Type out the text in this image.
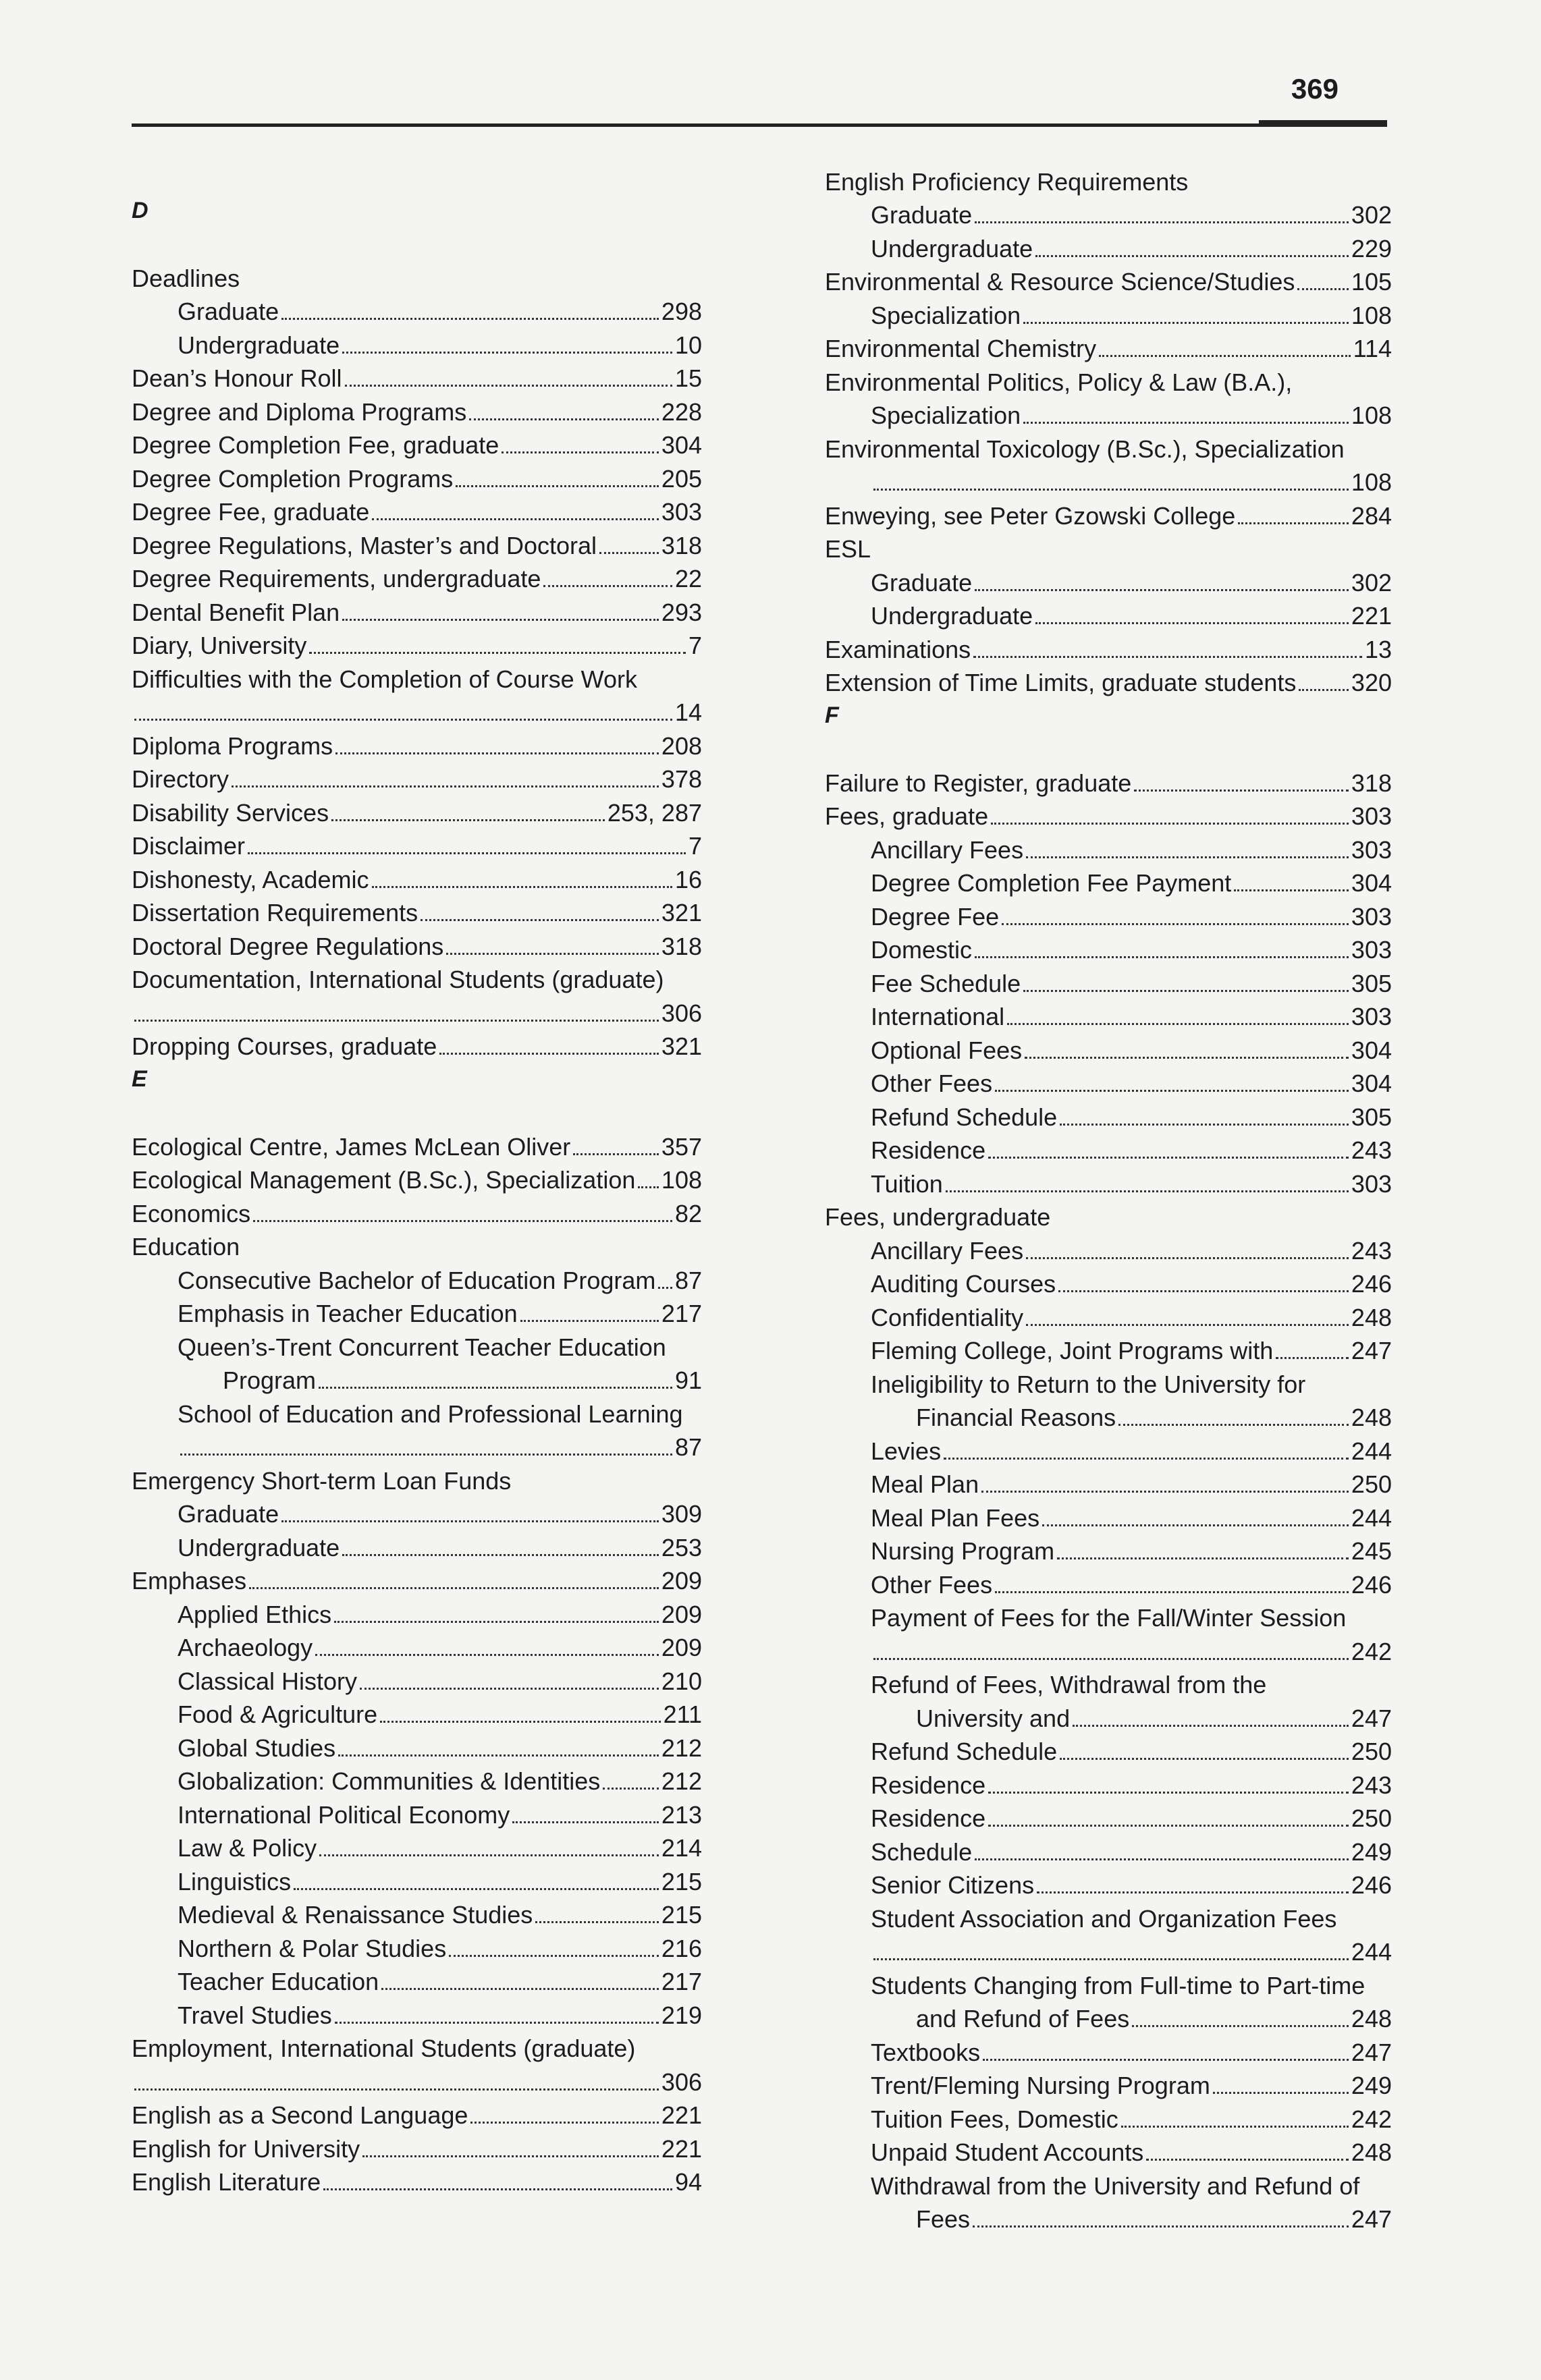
369
D
Deadlines
Graduate	298
Undergraduate	10
Dean’s Honour Roll	15
Degree and Diploma Programs	228
Degree Completion Fee, graduate	304
Degree Completion Programs	205
Degree Fee, graduate	303
Degree Regulations, Master’s and Doctoral	318
Degree Requirements, undergraduate	22
Dental Benefit Plan	293
Diary, University	7
Difficulties with the Completion of Course Work
14
Diploma Programs	208
Directory	378
Disability Services	253, 287
Disclaimer	7
Dishonesty, Academic	16
Dissertation Requirements	321
Doctoral Degree Regulations	318
Documentation, International Students (graduate)
306
Dropping Courses, graduate	321
E
Ecological Centre, James McLean Oliver	357
Ecological Management (B.Sc.), Specialization 108
Economics	82
Education
Consecutive Bachelor of Education Program 87
Emphasis in Teacher Education	217
Queen’s-Trent Concurrent Teacher Education
Program	91
School of Education and Professional Learning
87
Emergency Short-term Loan Funds
Graduate	309
Undergraduate	253
Emphases	209
Applied Ethics	209
Archaeology	209
Classical History	210
Food & Agriculture	211
Global Studies	212
Globalization: Communities & Identities	212
International Political Economy	213
Law & Policy	214
Linguistics	215
Medieval & Renaissance Studies	215
Northern & Polar Studies	216
Teacher Education	217
Travel Studies	219
Employment, International Students (graduate)
306
English as a Second Language	221
English for University	221
English Literature	94
English Proficiency Requirements
Graduate	302
Undergraduate	229
Environmental & Resource Science/Studies 105
Specialization	108
Environmental Chemistry	114
Environmental Politics, Policy & Law (B.A.),
Specialization	108
Environmental Toxicology (B.Sc.), Specialization
108
Enweying, see Peter Gzowski College	284
ESL
Graduate	302
Undergraduate	221
Examinations	13
Extension of Time Limits, graduate students 320
F
Failure to Register, graduate	318
Fees, graduate	303
Ancillary Fees	303
Degree Completion Fee Payment	304
Degree Fee	303
Domestic	303
Fee Schedule	305
International	303
Optional Fees	304
Other Fees	304
Refund Schedule	305
Residence	243
Tuition	303
Fees, undergraduate
Ancillary Fees	243
Auditing Courses	246
Confidentiality	248
Fleming College, Joint Programs with	247
Ineligibility to Return to the University for
Financial Reasons	248
Levies	244
Meal Plan	250
Meal Plan Fees	244
Nursing Program	245
Other Fees	246
Payment of Fees for the Fall/Winter Session
242
Refund of Fees, Withdrawal from the
University and	247
Refund Schedule	250
Residence	243
Residence	250
Schedule	249
Senior Citizens	246
Student Association and Organization Fees
244
Students Changing from Full-time to Part-time
and Refund of Fees	248
Textbooks	247
Trent/Fleming Nursing Program	249
Tuition Fees, Domestic	242
Unpaid Student Accounts	248
Withdrawal from the University and Refund of
Fees	247
